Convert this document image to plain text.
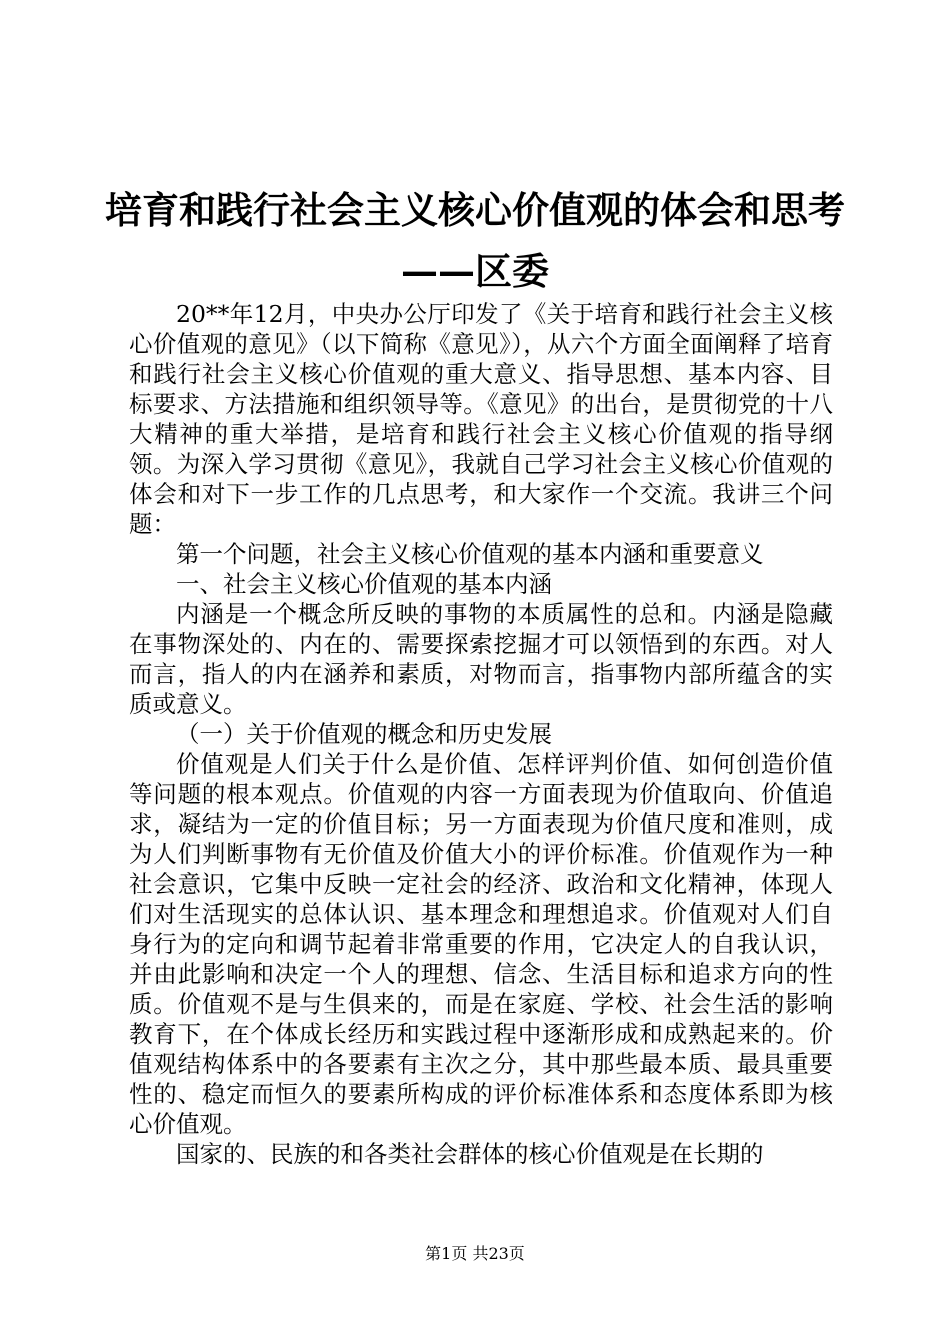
培育和践行社会主义核心价值观的体会和思考
——区委

20**年12月，中央办公厅印发了《关于培育和践行社会主义核心价值观的意见》（以下简称《意见》），从六个方面全面阐释了培育和践行社会主义核心价值观的重大意义、指导思想、基本内容、目标要求、方法措施和组织领导等。《意见》的出台，是贯彻党的十八大精神的重大举措，是培育和践行社会主义核心价值观的指导纲领。为深入学习贯彻《意见》，我就自己学习社会主义核心价值观的体会和对下一步工作的几点思考，和大家作一个交流。我讲三个问题：

第一个问题，社会主义核心价值观的基本内涵和重要意义

一、社会主义核心价值观的基本内涵

内涵是一个概念所反映的事物的本质属性的总和。内涵是隐藏在事物深处的、内在的、需要探索挖掘才可以领悟到的东西。对人而言，指人的内在涵养和素质，对物而言，指事物内部所蕴含的实质或意义。

（一）关于价值观的概念和历史发展

价值观是人们关于什么是价值、怎样评判价值、如何创造价值等问题的根本观点。价值观的内容一方面表现为价值取向、价值追求，凝结为一定的价值目标；另一方面表现为价值尺度和准则，成为人们判断事物有无价值及价值大小的评价标准。价值观作为一种社会意识，它集中反映一定社会的经济、政治和文化精神，体现人们对生活现实的总体认识、基本理念和理想追求。价值观对人们自身行为的定向和调节起着非常重要的作用，它决定人的自我认识，并由此影响和决定一个人的理想、信念、生活目标和追求方向的性质。价值观不是与生俱来的，而是在家庭、学校、社会生活的影响教育下，在个体成长经历和实践过程中逐渐形成和成熟起来的。价值观结构体系中的各要素有主次之分，其中那些最本质、最具重要性的、稳定而恒久的要素所构成的评价标准体系和态度体系即为核心价值观。

国家的、民族的和各类社会群体的核心价值观是在长期的

第1页 共23页
